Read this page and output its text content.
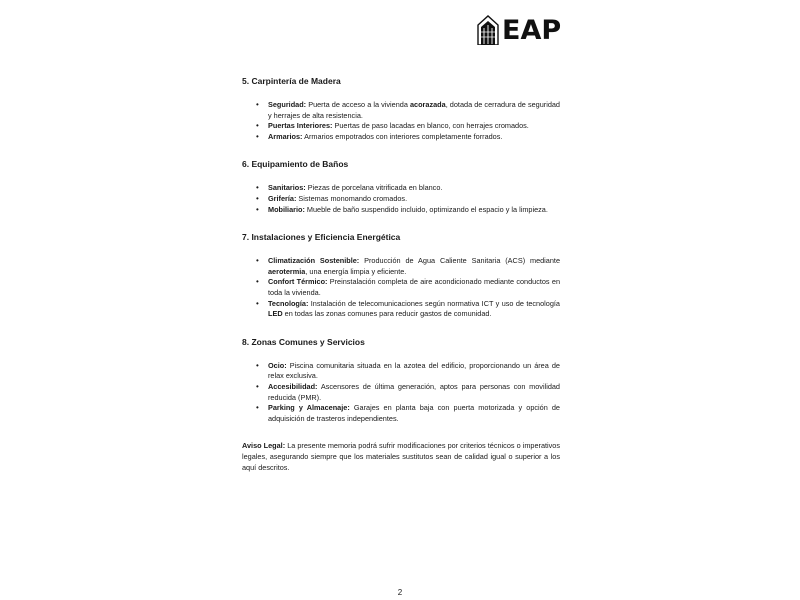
EAP
5. Carpintería de Madera
• Seguridad: Puerta de acceso a la vivienda acorazada, dotada de cerradura de seguridad y herrajes de alta resistencia.
• Puertas Interiores: Puertas de paso lacadas en blanco, con herrajes cromados.
• Armarios: Armarios empotrados con interiores completamente forrados.
6. Equipamiento de Baños
• Sanitarios: Piezas de porcelana vitrificada en blanco.
• Grifería: Sistemas monomando cromados.
• Mobiliario: Mueble de baño suspendido incluido, optimizando el espacio y la limpieza.
7. Instalaciones y Eficiencia Energética
• Climatización Sostenible: Producción de Agua Caliente Sanitaria (ACS) mediante aerotermia, una energía limpia y eficiente.
• Confort Térmico: Preinstalación completa de aire acondicionado mediante conductos en toda la vivienda.
• Tecnología: Instalación de telecomunicaciones según normativa ICT y uso de tecnología LED en todas las zonas comunes para reducir gastos de comunidad.
8. Zonas Comunes y Servicios
• Ocio: Piscina comunitaria situada en la azotea del edificio, proporcionando un área de relax exclusiva.
• Accesibilidad: Ascensores de última generación, aptos para personas con movilidad reducida (PMR).
• Parking y Almacenaje: Garajes en planta baja con puerta motorizada y opción de adquisición de trasteros independientes.

Aviso Legal: La presente memoria podrá sufrir modificaciones por criterios técnicos o imperativos legales, asegurando siempre que los materiales sustitutos sean de calidad igual o superior a los aquí descritos.

2
